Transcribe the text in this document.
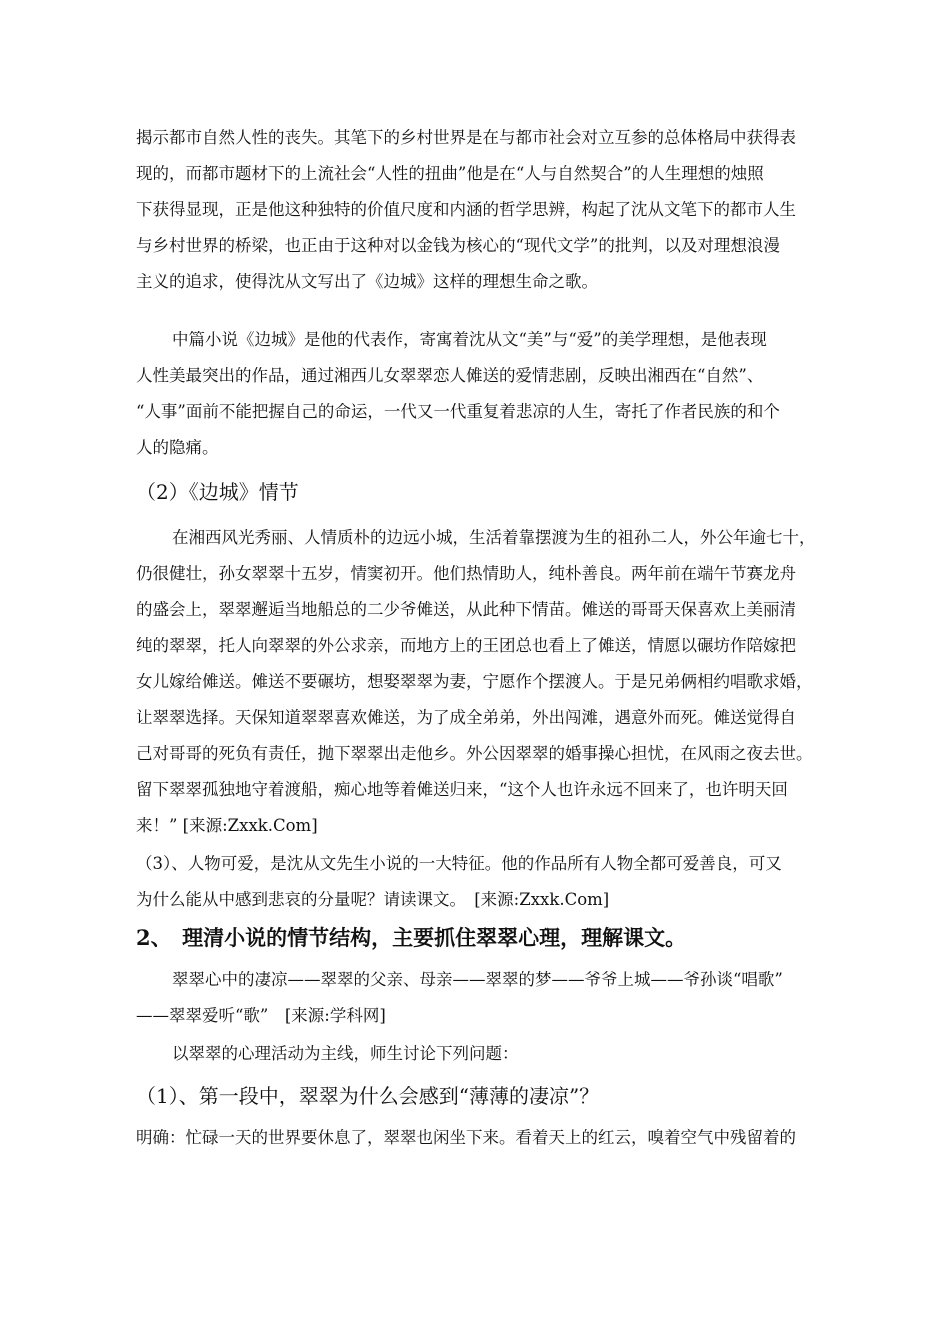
揭示都市自然人性的丧失。其笔下的乡村世界是在与都市社会对立互参的总体格局中获得表
现的，而都市题材下的上流社会“人性的扭曲”他是在“人与自然契合”的人生理想的烛照
下获得显现，正是他这种独特的价值尺度和内涵的哲学思辨，构起了沈从文笔下的都市人生
与乡村世界的桥梁，也正由于这种对以金钱为核心的“现代文学”的批判，以及对理想浪漫
主义的追求，使得沈从文写出了《边城》这样的理想生命之歌。
中篇小说《边城》是他的代表作，寄寓着沈从文“美”与“爱”的美学理想，是他表现
人性美最突出的作品，通过湘西儿女翠翠恋人傩送的爱情悲剧，反映出湘西在“自然”、
“人事”面前不能把握自己的命运，一代又一代重复着悲凉的人生，寄托了作者民族的和个
人的隐痛。
（2）《边城》情节
在湘西风光秀丽、人情质朴的边远小城，生活着靠摆渡为生的祖孙二人，外公年逾七十，
仍很健壮，孙女翠翠十五岁，情窦初开。他们热情助人，纯朴善良。两年前在端午节赛龙舟
的盛会上，翠翠邂逅当地船总的二少爷傩送，从此种下情苗。傩送的哥哥天保喜欢上美丽清
纯的翠翠，托人向翠翠的外公求亲，而地方上的王团总也看上了傩送，情愿以碾坊作陪嫁把
女儿嫁给傩送。傩送不要碾坊，想娶翠翠为妻，宁愿作个摆渡人。于是兄弟俩相约唱歌求婚，
让翠翠选择。天保知道翠翠喜欢傩送，为了成全弟弟，外出闯滩，遇意外而死。傩送觉得自
己对哥哥的死负有责任，抛下翠翠出走他乡。外公因翠翠的婚事操心担忧，在风雨之夜去世。
留下翠翠孤独地守着渡船，痴心地等着傩送归来，“这个人也许永远不回来了，也许明天回
来！” [来源:Zxxk.Com]
（3）、人物可爱，是沈从文先生小说的一大特征。他的作品所有人物全都可爱善良，可又
为什么能从中感到悲哀的分量呢？请读课文。　[来源:Zxxk.Com]
2、　理清小说的情节结构，主要抓住翠翠心理，理解课文。
翠翠心中的凄凉——翠翠的父亲、母亲——翠翠的梦——爷爷上城——爷孙谈“唱歌”
——翠翠爱听“歌”　[来源:学科网]
以翠翠的心理活动为主线，师生讨论下列问题：
（1）、第一段中，翠翠为什么会感到“薄薄的凄凉”？
明确：忙碌一天的世界要休息了，翠翠也闲坐下来。看着天上的红云，嗅着空气中残留着的
